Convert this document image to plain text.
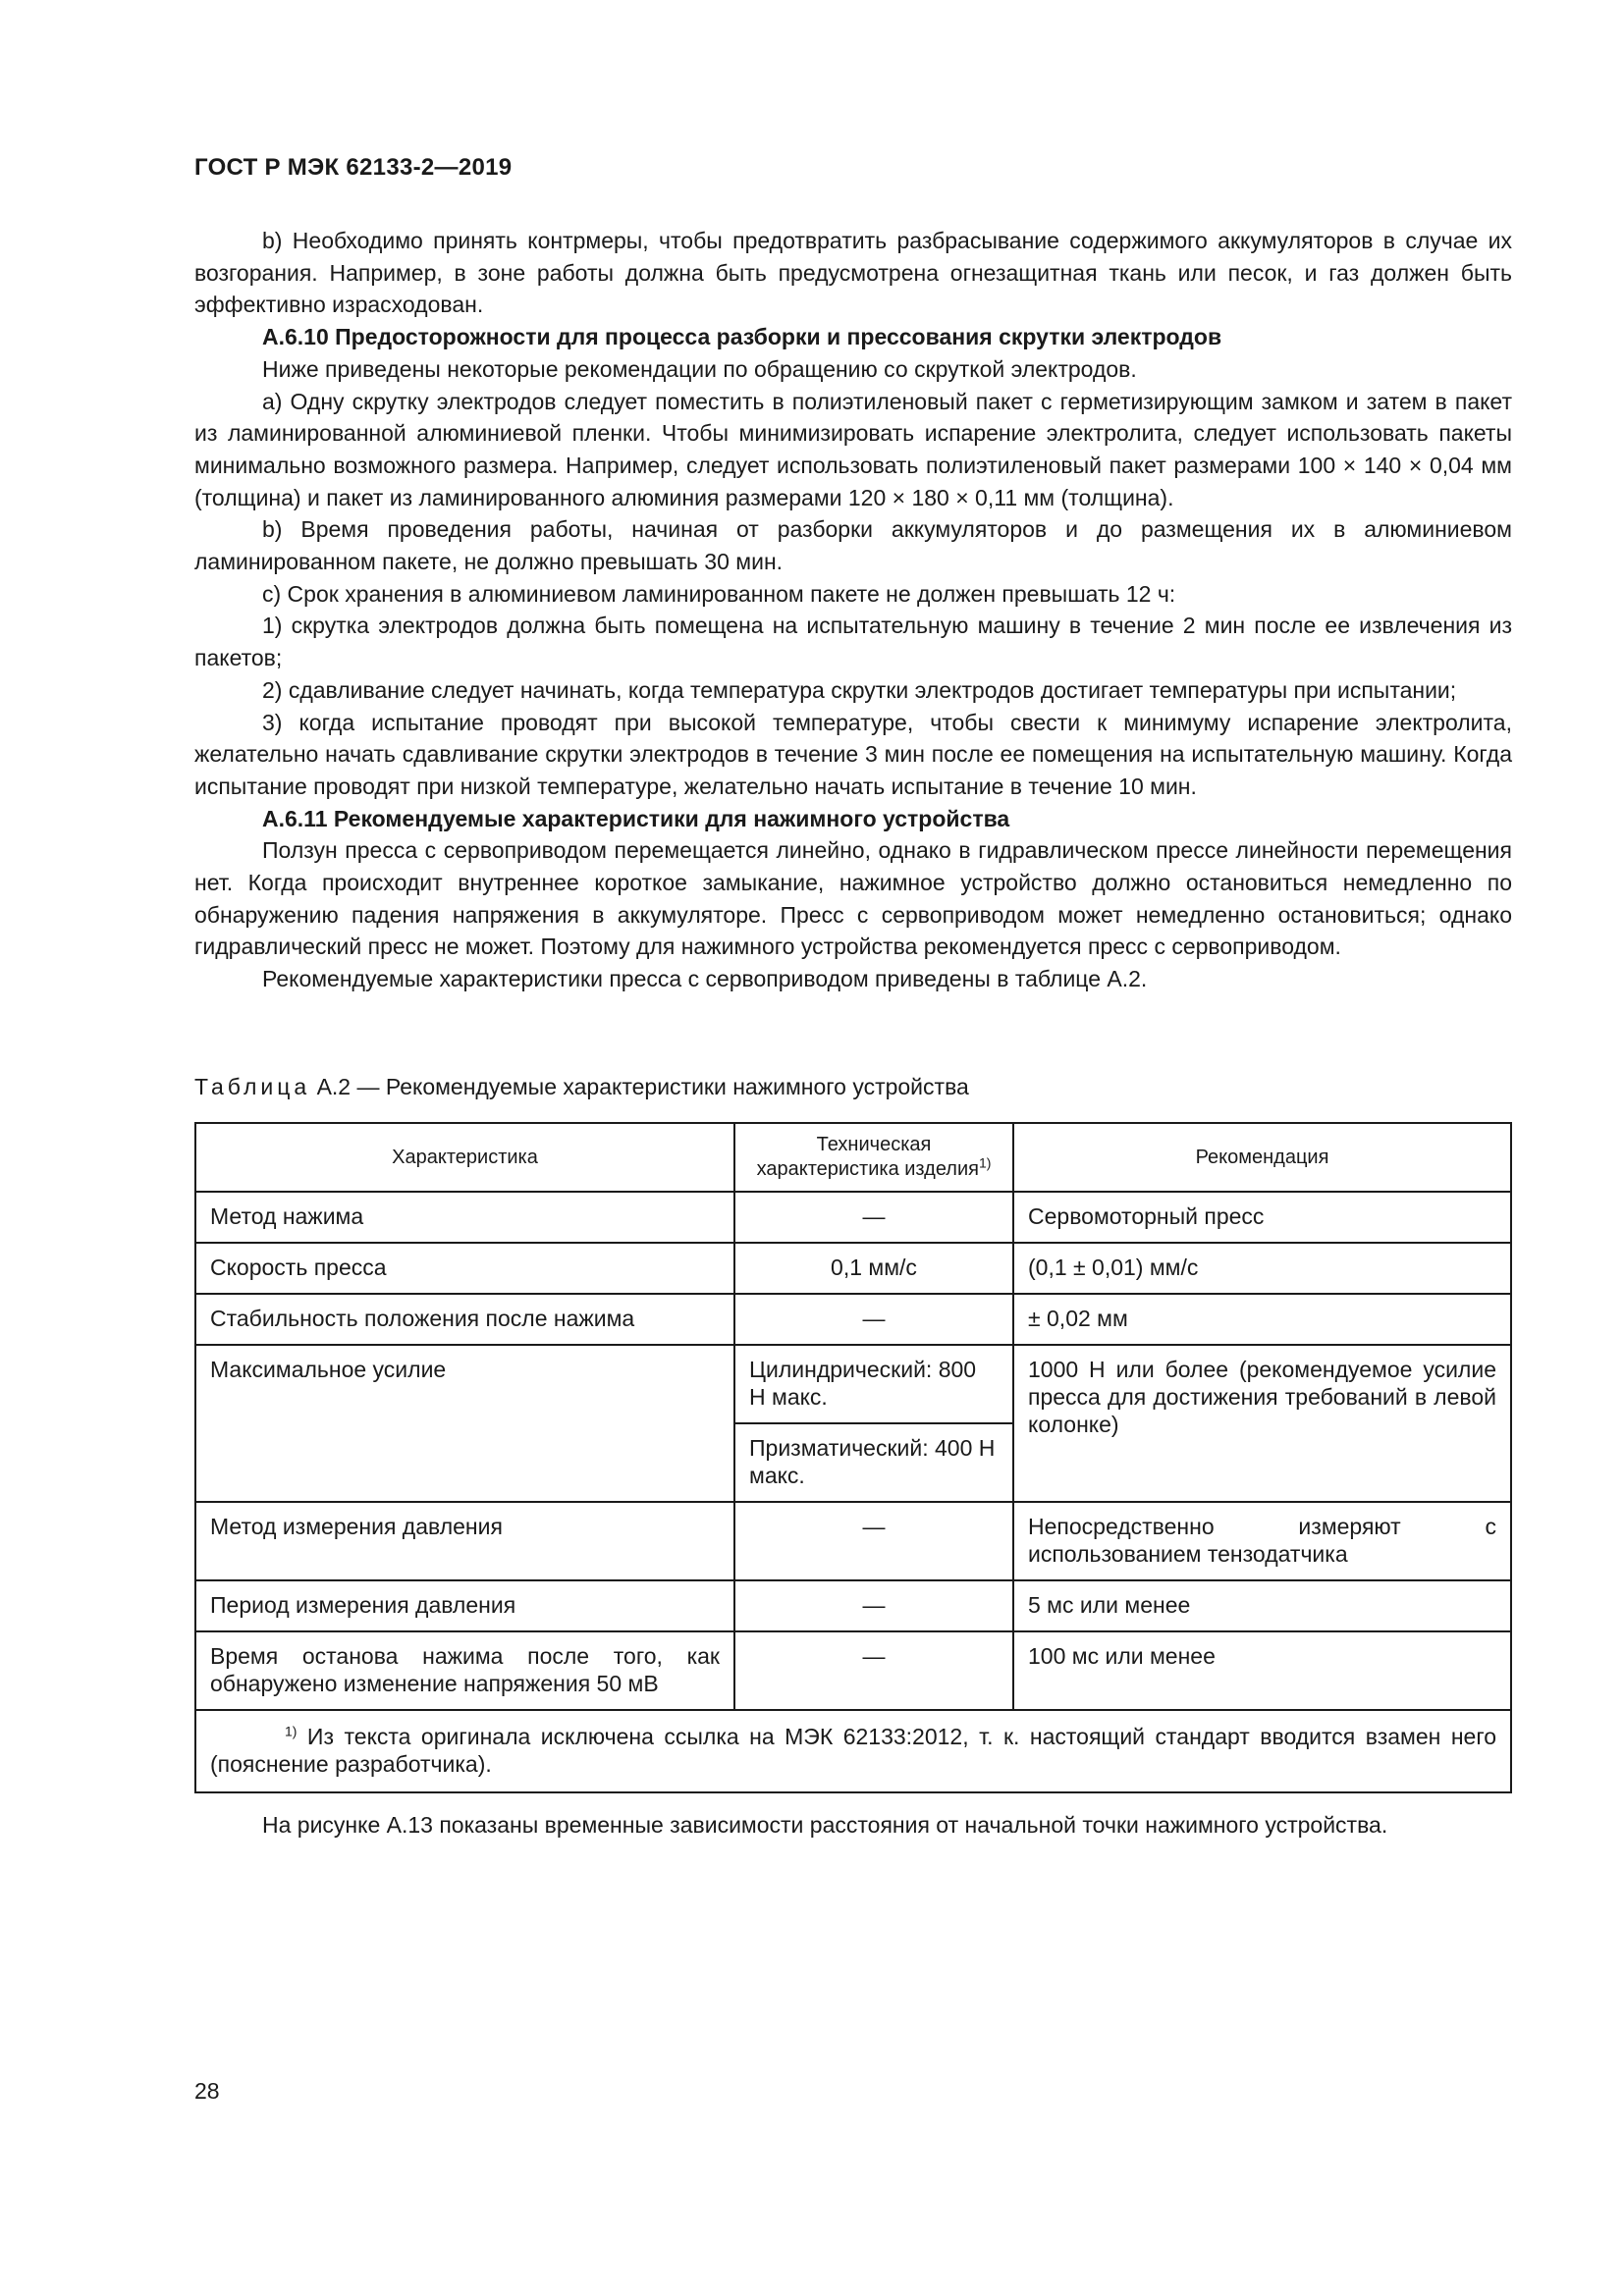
ГОСТ Р МЭК 62133-2—2019

b) Необходимо принять контрмеры, чтобы предотвратить разбрасывание содержимого аккумуляторов в случае их возгорания. Например, в зоне работы должна быть предусмотрена огнезащитная ткань или песок, и газ должен быть эффективно израсходован.

А.6.10 Предосторожности для процесса разборки и прессования скрутки электродов

Ниже приведены некоторые рекомендации по обращению со скруткой электродов.

а) Одну скрутку электродов следует поместить в полиэтиленовый пакет с герметизирующим замком и затем в пакет из ламинированной алюминиевой пленки. Чтобы минимизировать испарение электролита, следует использовать пакеты минимально возможного размера. Например, следует использовать полиэтиленовый пакет размерами 100 × 140 × 0,04 мм (толщина) и пакет из ламинированного алюминия размерами 120 × 180 × 0,11 мм (толщина).

b) Время проведения работы, начиная от разборки аккумуляторов и до размещения их в алюминиевом ламинированном пакете, не должно превышать 30 мин.

с) Срок хранения в алюминиевом ламинированном пакете не должен превышать 12 ч:

1) скрутка электродов должна быть помещена на испытательную машину в течение 2 мин после ее извлечения из пакетов;

2) сдавливание следует начинать, когда температура скрутки электродов достигает температуры при испытании;

3) когда испытание проводят при высокой температуре, чтобы свести к минимуму испарение электролита, желательно начать сдавливание скрутки электродов в течение 3 мин после ее помещения на испытательную машину. Когда испытание проводят при низкой температуре, желательно начать испытание в течение 10 мин.

А.6.11 Рекомендуемые характеристики для нажимного устройства

Ползун пресса с сервоприводом перемещается линейно, однако в гидравлическом прессе линейности перемещения нет. Когда происходит внутреннее короткое замыкание, нажимное устройство должно остановиться немедленно по обнаружению падения напряжения в аккумуляторе. Пресс с сервоприводом может немедленно остановиться; однако гидравлический пресс не может. Поэтому для нажимного устройства рекомендуется пресс с сервоприводом.

Рекомендуемые характеристики пресса с сервоприводом приведены в таблице А.2.

Таблица А.2 — Рекомендуемые характеристики нажимного устройства
Характеристика	Техническая характеристика изделия$^{1)}$	Рекомендация
Метод нажима	—	Сервомоторный пресс
Скорость пресса	0,1 мм/с	(0,1 ± 0,01) мм/с
Стабильность положения после нажима	—	± 0,02 мм
Максимальное усилие	Цилиндрический: 800 Н макс.	1000 Н или более (рекомендуемое усилие пресса для достижения требований в левой колонке)
	Призматический: 400 Н макс.	
Метод измерения давления	—	Непосредственно измеряют с использованием тензодатчика
Период измерения давления	—	5 мс или менее
Время останова нажима после того, как обнаружено изменение напряжения 50 мВ	—	100 мс или менее
$^{1)}$ Из текста оригинала исключена ссылка на МЭК 62133:2012, т. к. настоящий стандарт вводится взамен него (пояснение разработчика).		
На рисунке А.13 показаны временные зависимости расстояния от начальной точки нажимного устройства.
28
